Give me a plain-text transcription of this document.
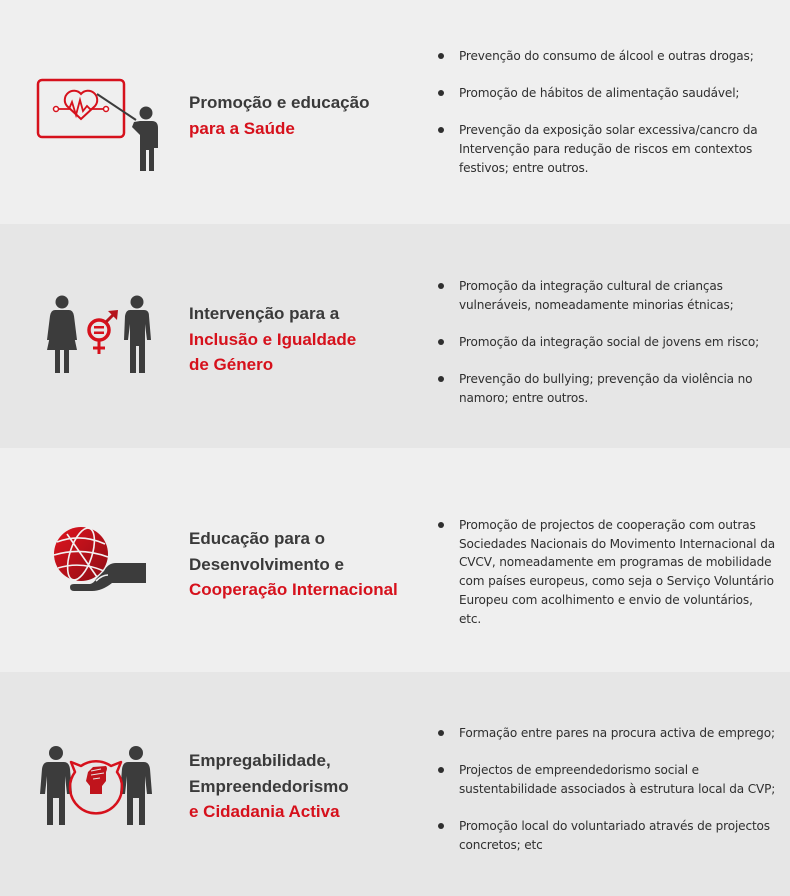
Promoção e educação
para a Saúde
Prevenção do consumo de álcool e outras drogas;
Promoção de hábitos de alimentação saudável;
Prevenção da exposição solar excessiva/cancro da Intervenção para redução de riscos em contextos festivos; entre outros.
Intervenção para a
Inclusão e Igualdade
de Género
Promoção da integração cultural de crianças vulneráveis, nomeadamente minorias étnicas;
Promoção da integração social de jovens em risco;
Prevenção do bullying; prevenção da violência no namoro; entre outros.
Educação para o
Desenvolvimento e
Cooperação Internacional
Promoção de projectos de cooperação com outras Sociedades Nacionais do Movimento Internacional da CVCV, nomeadamente em programas de mobilidade com países europeus, como seja o Serviço Voluntário Europeu com acolhimento e envio de voluntários, etc.
Empregabilidade,
Empreendedorismo
e Cidadania Activa
Formação entre pares na procura activa de emprego;
Projectos de empreendedorismo social e sustentabilidade associados à estrutura local da CVP;
Promoção local do voluntariado através de projectos concretos; etc
